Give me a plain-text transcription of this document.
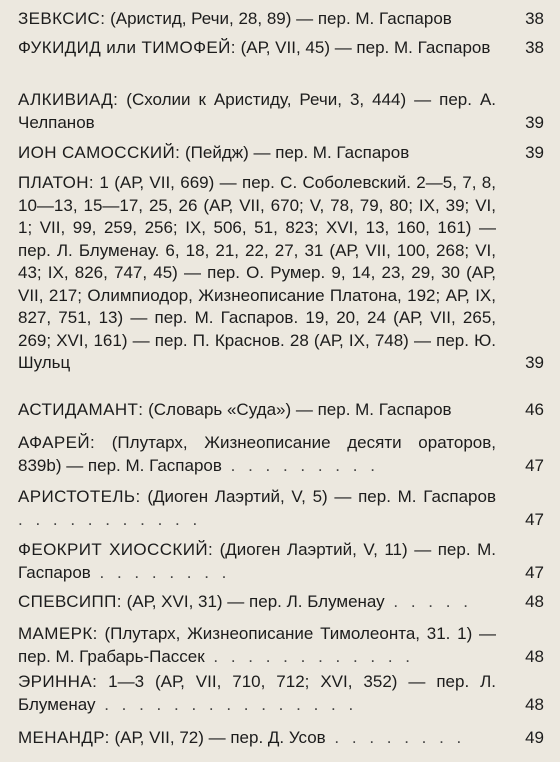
ЗЕВКСИС: (Аристид, Речи, 28, 89) — пер. М. Гаспаров	38
ФУКИДИД или ТИМОФЕЙ: (АР, VII, 45) — пер. М. Гаспаров	38
АЛКИВИАД: (Схолии к Аристиду, Речи, 3, 444) — пер. А. Челпанов	39
ИОН САМОССКИЙ: (Пейдж) — пер. М. Гаспаров	39
ПЛАТОН: 1 (АР, VII, 669) — пер. С. Соболевский. 2—5, 7, 8, 10—13, 15—17, 25, 26 (АР, VII, 670; V, 78, 79, 80; IX, 39; VI, 1; VII, 99, 259, 256; IX, 506, 51, 823; XVI, 13, 160, 161) — пер. Л. Блуменау. 6, 18, 21, 22, 27, 31 (АР, VII, 100, 268; VI, 43; IX, 826, 747, 45) — пер. О. Румер. 9, 14, 23, 29, 30 (АР, VII, 217; Олимпиодор, Жизнеописание Платона, 192; АР, IX, 827, 751, 13) — пер. М. Гаспаров. 19, 20, 24 (АР, VII, 265, 269; XVI, 161) — пер. П. Краснов. 28 (АР, IX, 748) — пер. Ю. Шульц	39
АСТИДАМАНТ: (Словарь «Суда») — пер. М. Гаспаров	46
АФАРЕЙ: (Плутарх, Жизнеописание десяти ораторов, 839b) — пер. М. Гаспаров . . . . . . . . .	47
АРИСТОТЕЛЬ: (Диоген Лаэртий, V, 5) — пер. М. Гаспаров . . . . . . . . . . .	47
ФЕОКРИТ ХИОССКИЙ: (Диоген Лаэртий, V, 11) — пер. М. Гаспаров . . . . . . . .	47
СПЕВСИПП: (АР, XVI, 31) — пер. Л. Блуменау . . . . .	48
МАМЕРК: (Плутарх, Жизнеописание Тимолеонта, 31. 1) — пер. М. Грабарь-Пассек . . . . . . . . . . . .	48
ЭРИННА: 1—3 (АР, VII, 710, 712; XVI, 352) — пер. Л. Блуменау . . . . . . . . . . . . . . .	48
МЕНАНДР: (АР, VII, 72) — пер. Д. Усов . . . . . . . .	49
